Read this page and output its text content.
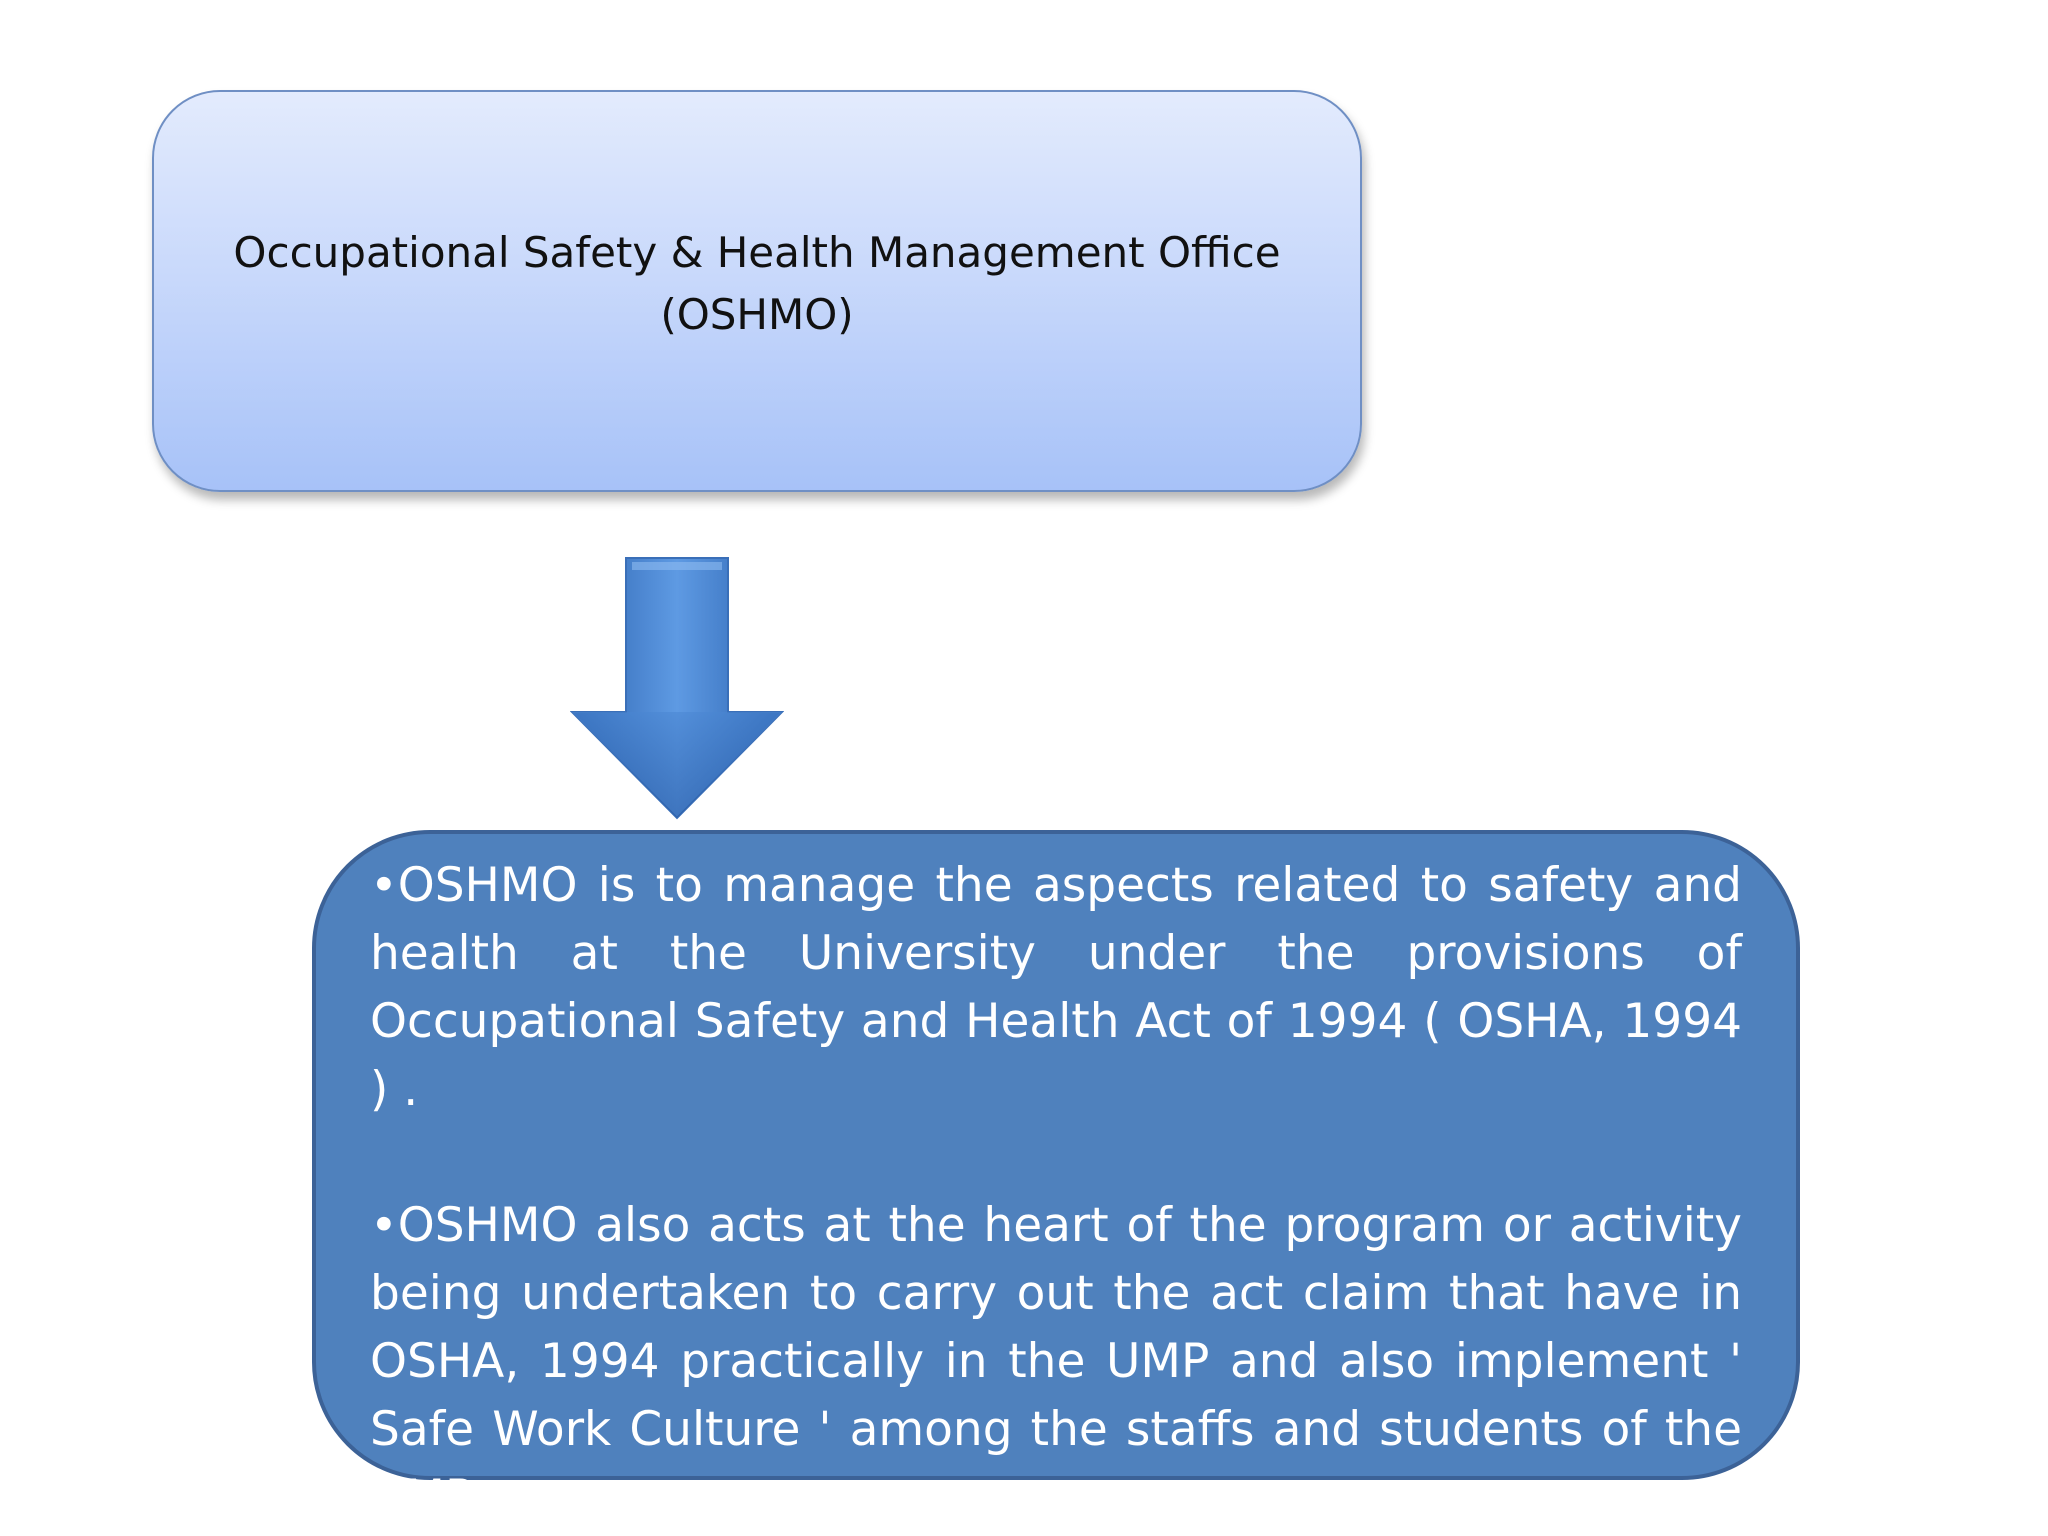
Occupational Safety & Health Management Office
(OSHMO)

•OSHMO is to manage the aspects related to safety and health at the University under the provisions of Occupational Safety and Health Act of 1994 ( OSHA, 1994 ) .

•OSHMO also acts at the heart of the program or activity being undertaken to carry out the act claim that have in OSHA, 1994 practically in the UMP and also implement ' Safe Work Culture ' among the staffs and students of the UMP .
